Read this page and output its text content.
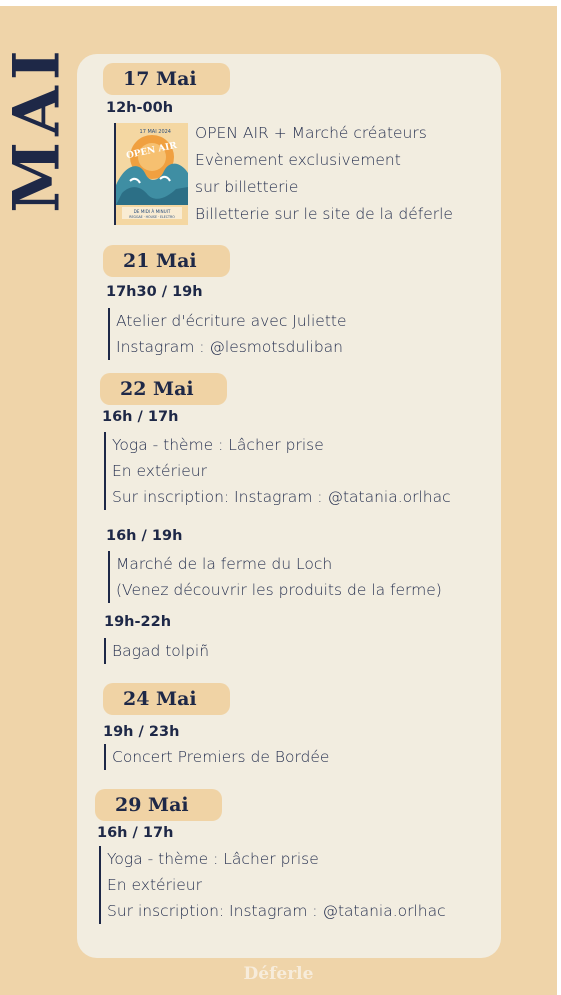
MAI	17 Mai
12h-00h
17 MAI 2024
OPEN AIR
DE MIDI À MINUIT
REGGAE · HOUSE · ELECTRO
OPEN AIR + Marché créateurs
Evènement exclusivement
sur billetterie
Billetterie sur le site de la déferle
21 Mai
17h30 / 19h
Atelier d'écriture avec Juliette
Instagram : @lesmotsduliban
22 Mai
16h / 17h
Yoga - thème : Lâcher prise
En extérieur
Sur inscription: Instagram : @tatania.orlhac
16h / 19h
Marché de la ferme du Loch
(Venez découvrir les produits de la ferme)
19h-22h
Bagad tolpiñ
24 Mai
19h / 23h
Concert Premiers de Bordée
29 Mai
16h / 17h
Yoga - thème : Lâcher prise
En extérieur
Sur inscription: Instagram : @tatania.orlhac
Déferle
